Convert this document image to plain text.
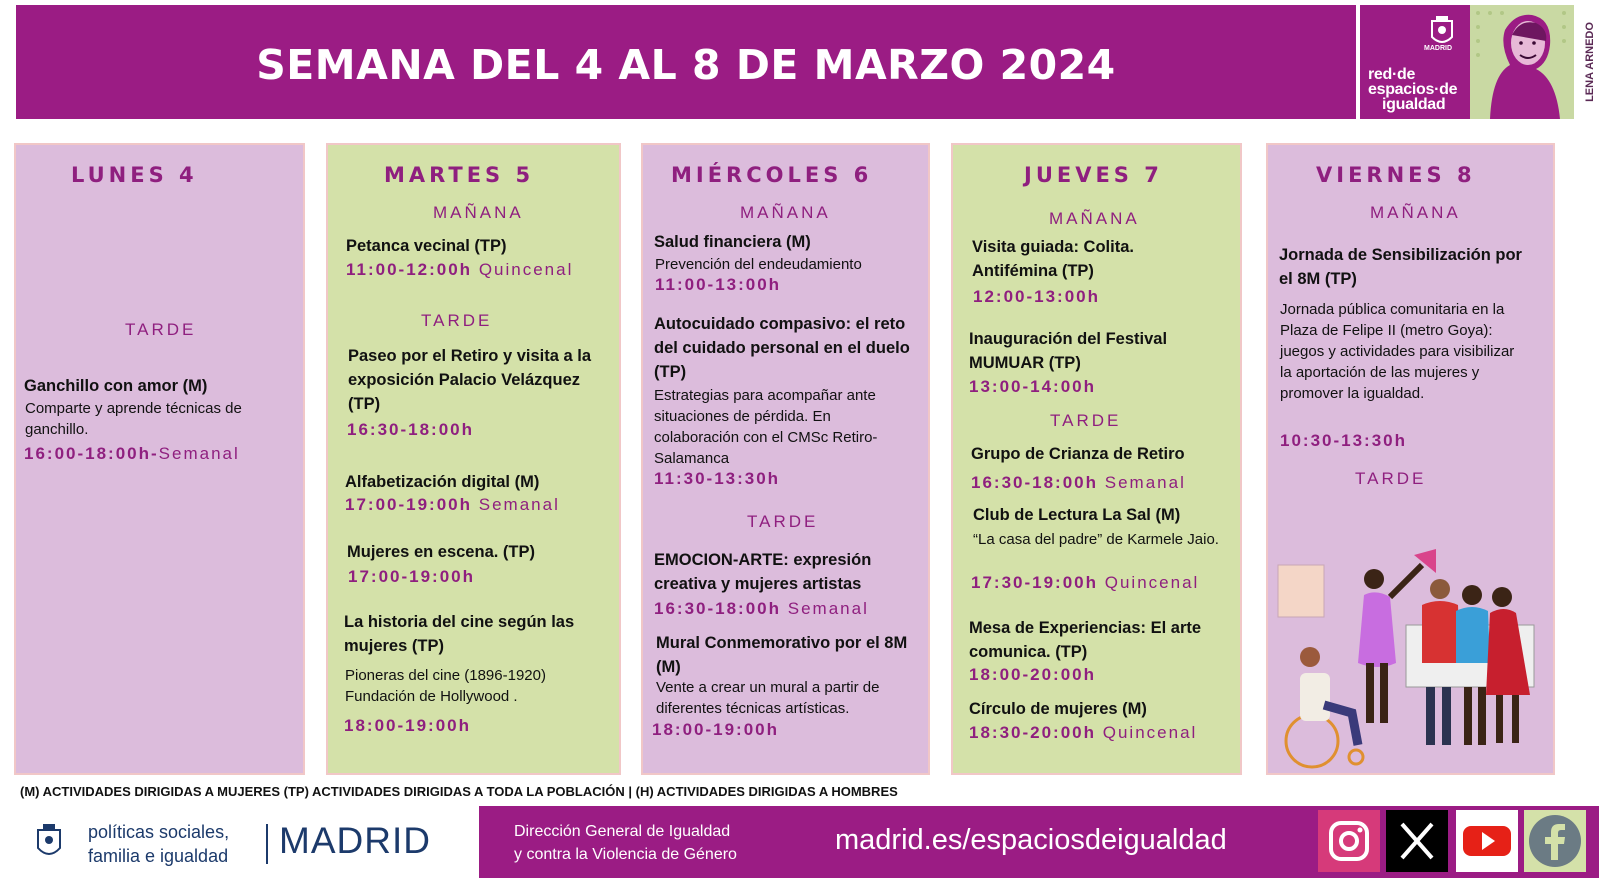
SEMANA DEL 4 AL 8 DE MARZO 2024	MADRID
red·de
espacios·de
igualdad
LENA ARNEDO
LUNES 4
TARDE
Ganchillo con amor (M)
Comparte y aprende técnicas de ganchillo.
16:00-18:00h-Semanal
MARTES 5
MAÑANA
Petanca vecinal (TP)
11:00-12:00h Quincenal
TARDE
Paseo por el Retiro y visita a la exposición Palacio Velázquez (TP)
16:30-18:00h
Alfabetización digital (M)
17:00-19:00h Semanal
Mujeres en escena. (TP)
17:00-19:00h
La historia del cine según las mujeres (TP)
Pioneras del cine (1896-1920) Fundación de Hollywood .
18:00-19:00h
MIÉRCOLES 6
MAÑANA
Salud financiera (M)
Prevención del endeudamiento
11:00-13:00h
Autocuidado compasivo: el reto del cuidado personal en el duelo (TP)
Estrategias para acompañar ante situaciones de pérdida. En colaboración con el CMSc Retiro-Salamanca
11:30-13:30h
TARDE
EMOCION-ARTE: expresión creativa y mujeres artistas
16:30-18:00h Semanal
Mural Conmemorativo por el 8M (M)
Vente a crear un mural a partir de diferentes técnicas artísticas.
18:00-19:00h
JUEVES 7
MAÑANA
Visita guiada: Colita. Antiféminа (TP)
12:00-13:00h
Inauguración del Festival MUMUAR (TP)
13:00-14:00h
TARDE
Grupo de Crianza de Retiro
16:30-18:00h Semanal
Club de Lectura La Sal (M)
“La casa del padre” de Karmele Jaio.
17:30-19:00h Quincenal
Mesa de Experiencias: El arte comunica. (TP)
18:00-20:00h
Círculo de mujeres (M)
18:30-20:00h Quincenal
VIERNES 8
MAÑANA
Jornada de Sensibilización por el 8M (TP)
Jornada pública comunitaria en la Plaza de Felipe II (metro Goya): juegos y actividades para visibilizar la aportación de las mujeres y promover la igualdad.
10:30-13:30h
TARDE
(M) ACTIVIDADES DIRIGIDAS A MUJERES (TP) ACTIVIDADES DIRIGIDAS A TODA LA POBLACIÓN | (H) ACTIVIDADES DIRIGIDAS A HOMBRES
políticas sociales,
familia e igualdad MADRID	Dirección General de Igualdad
y contra la Violencia de Género	madrid.es/espaciosdeigualdad
